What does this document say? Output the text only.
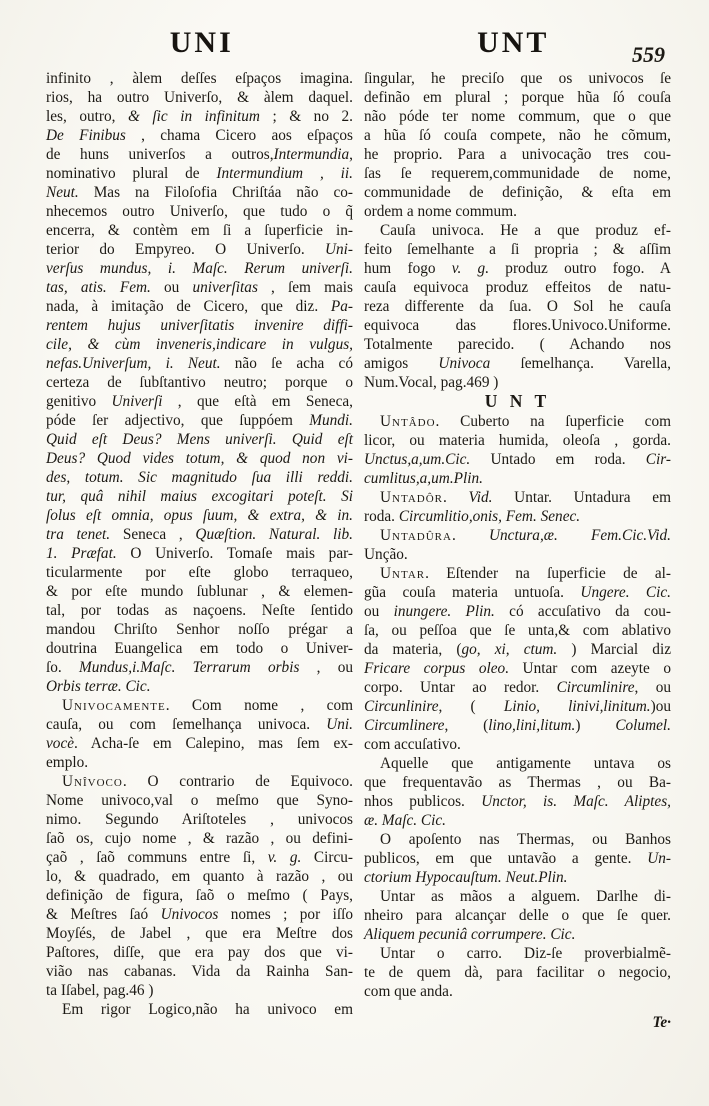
UNI	UNT	559
infinito , àlem deſſes eſpaços imagina.
rios, ha outro Univerſo, & àlem daquel.
les, outro, & ſic in infinitum ; & no 2.
De Finibus , chama Cicero aos eſpaços
de huns univerſos a outros,Intermundia,
nominativo plural de Intermundium , ii.
Neut. Mas na Filoſofia Chriſtáa não co-
nhecemos outro Univerſo, que tudo o q̃
encerra, & contèm em ſi a ſuperficie in-
terior do Empyreo. O Univerſo. Uni-
verſus mundus, i. Maſc. Rerum univerſi.
tas, atis. Fem. ou univerſitas , ſem mais
nada, à imitação de Cicero, que diz. Pa-
rentem hujus univerſitatis invenire diffi-
cile, & cùm inveneris,indicare in vulgus,
nefas.Univerſum, i. Neut. não ſe acha có
certeza de ſubſtantivo neutro; porque o
genitivo Univerſi , que eſtà em Seneca,
póde ſer adjectivo, que ſuppóem Mundi.
Quid eſt Deus? Mens univerſi. Quid eſt
Deus? Quod vides totum, & quod non vi-
des, totum. Sic magnitudo ſua illi reddi.
tur, quâ nihil maius excogitari poteſt. Si
ſolus eſt omnia, opus ſuum, & extra, & in.
tra tenet. Seneca , Quæſtion. Natural. lib.
1. Præfat. O Univerſo. Tomaſe mais par-
ticularmente por eſte globo terraqueo,
& por eſte mundo ſublunar , & elemen-
tal, por todas as naçoens. Neſte ſentido
mandou Chriſto Senhor noſſo prégar a
doutrina Euangelica em todo o Univer-
ſo. Mundus,i.Maſc. Terrarum orbis , ou
Orbis terræ. Cic.
Univocamente. Com nome , com
cauſa, ou com ſemelhança univoca. Uni.
vocè. Acha-ſe em Calepino, mas ſem ex-
emplo.
Unîvoco. O contrario de Equivoco.
Nome univoco,val o meſmo que Syno-
nimo. Segundo Ariſtoteles , univocos
ſaõ os, cujo nome , & razão , ou defini-
çaõ , ſaõ communs entre ſi, v. g. Circu-
lo, & quadrado, em quanto à razão , ou
definição de figura, ſaõ o meſmo ( Pays,
& Meſtres ſaó Univocos nomes ; por iſſo
Moyſés, de Jabel , que era Meſtre dos
Paſtores, diſſe, que era pay dos que vi-
vião nas cabanas. Vida da Rainha San-
ta Iſabel, pag.46 )
Em rigor Logico,não ha univoco em
ſingular, he preciſo que os univocos ſe
definão em plural ; porque hũa ſó couſa
não póde ter nome commum, que o que
a hũa ſó couſa compete, não he cõmum,
he proprio. Para a univocação tres cou-
ſas ſe requerem,communidade de nome,
communidade de definição, & eſta em
ordem a nome commum.
Cauſa univoca. He a que produz ef-
feito ſemelhante a ſi propria ; & aſſim
hum fogo v. g. produz outro fogo. A
cauſa equivoca produz effeitos de natu-
reza differente da ſua. O Sol he cauſa
equivoca das flores.Univoco.Uniforme.
Totalmente parecido. ( Achando nos
amigos Univoca ſemelhança. Varella,
Num.Vocal, pag.469 )
U N T
Untâdo. Cuberto na ſuperficie com
licor, ou materia humida, oleoſa , gorda.
Unctus,a,um.Cic. Untado em roda. Cir-
cumlitus,a,um.Plin.
Untadôr. Vid. Untar. Untadura em
roda. Circumlitio,onis, Fem. Senec.
Untadûra. Unctura,æ. Fem.Cic.Vid.
Unção.
Untar. Eſtender na ſuperficie de al-
gũa couſa materia untuoſa. Ungere. Cic.
ou inungere. Plin. có accuſativo da cou-
ſa, ou peſſoa que ſe unta,& com ablativo
da materia, (go, xi, ctum. ) Marcial diz
Fricare corpus oleo. Untar com azeyte o
corpo. Untar ao redor. Circumlinire, ou
Circunlinire, ( Linio, linivi,linitum.)ou
Circumlinere, (lino,lini,litum.) Columel.
com accuſativo.
Aquelle que antigamente untava os
que frequentavão as Thermas , ou Ba-
nhos publicos. Unctor, is. Maſc. Aliptes,
æ. Maſc. Cic.
O apoſento nas Thermas, ou Banhos
publicos, em que untavão a gente. Un-
ctorium Hypocauſtum. Neut.Plin.
Untar as mãos a alguem. Darlhe di-
nheiro para alcançar delle o que ſe quer.
Aliquem pecuniâ corrumpere. Cic.
Untar o carro. Diz-ſe proverbialmẽ-
te de quem dà, para facilitar o negocio,
com que anda.
Te·
